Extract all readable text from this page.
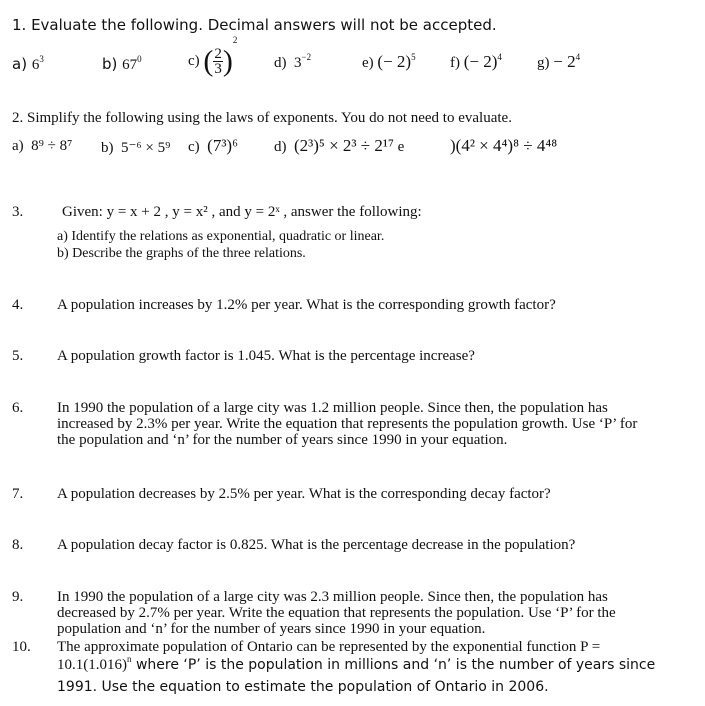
1. Evaluate the following. Decimal answers will not be accepted.
a) $6^3$	b) $67^0$	c) ( $\frac{2}{3} )^2$
d) $3^{-2}$	e) (− 2)$^5$ f) (− 2)$^4$ $g) - 2^4$
2. Simplify the following using the laws of exponents. You do not need to evaluate.
a) 8⁹ ÷ 8⁷ b) 5⁻⁶ × 5⁹ c) (7³)⁶ d) (2³)⁵ × 2³ ÷ 2¹⁷ e	)(4² × 4⁴)⁸ ÷ 4⁴⁸
3.	Given: y = x + 2 , y = x² , and y = 2ˣ , answer the following:
a) Identify the relations as exponential, quadratic or linear.
b) Describe the graphs of the three relations.
4. A population increases by 1.2% per year. What is the corresponding growth factor?
5. A population growth factor is 1.045. What is the percentage increase?
6. In 1990 the population of a large city was 1.2 million people. Since then, the population has
increased by 2.3% per year. Write the equation that represents the population growth. Use ‘P’ for
the population and ‘n’ for the number of years since 1990 in your equation.
7. A population decreases by 2.5% per year. What is the corresponding decay factor?
8. A population decay factor is 0.825. What is the percentage decrease in the population?
9. In 1990 the population of a large city was 2.3 million people. Since then, the population has
decreased by 2.7% per year. Write the equation that represents the population. Use ‘P’ for the
population and ‘n’ for the number of years since 1990 in your equation.
10. The approximate population of Ontario can be represented by the exponential function P =
$10.1(1.016)^n$ where ‘P’ is the population in millions and ‘n’ is the number of years since
1991. Use the equation to estimate the population of Ontario in 2006.
